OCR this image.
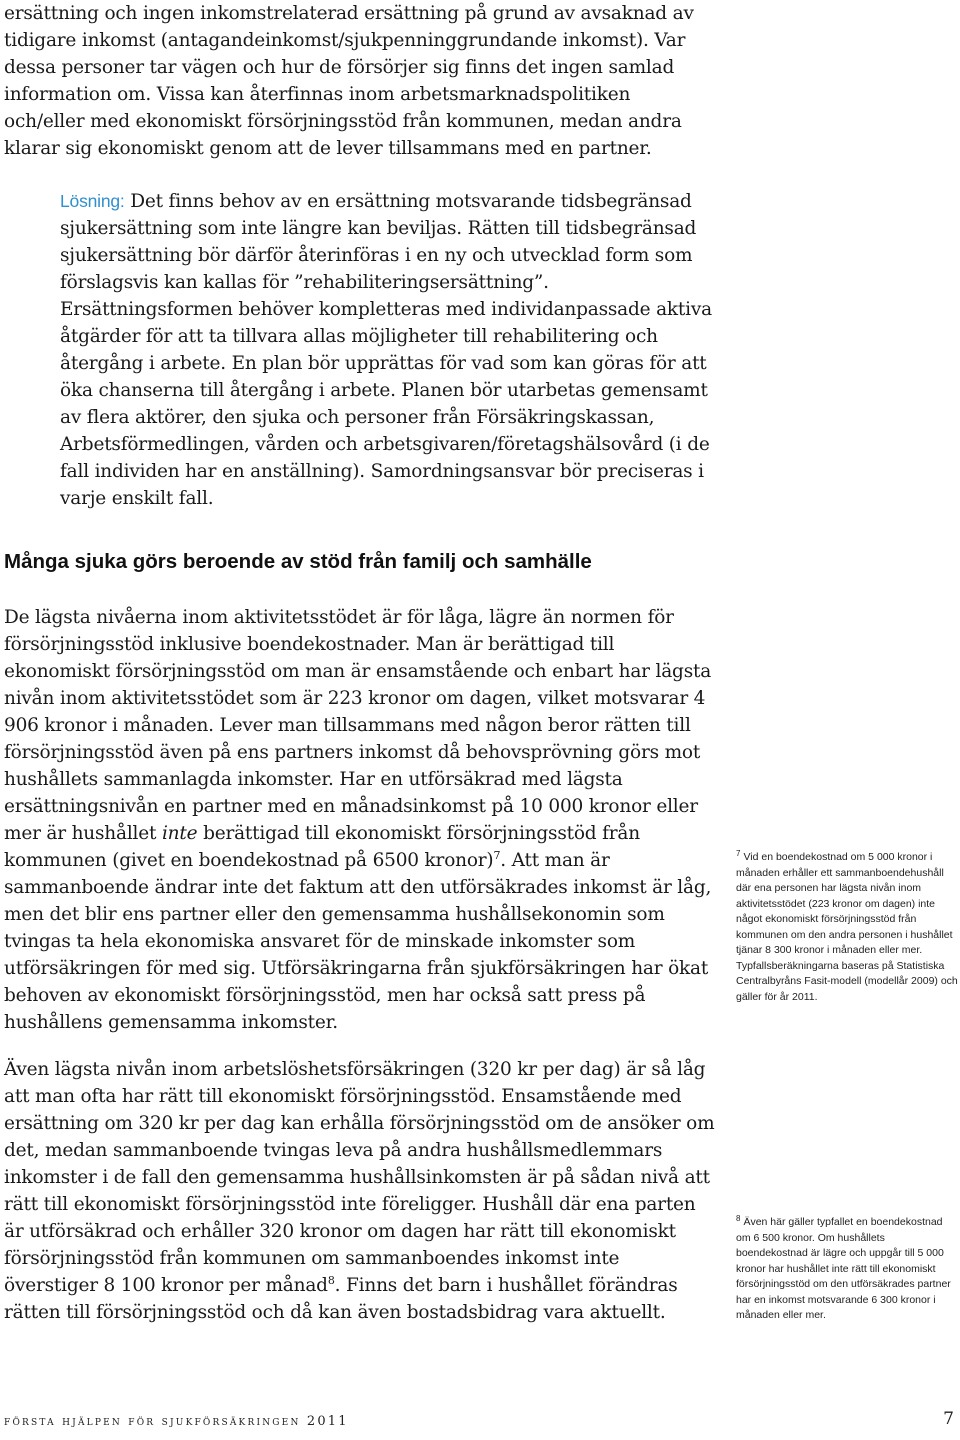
ersättning och ingen inkomstrelaterad ersättning på grund av avsaknad av tidigare inkomst (antagandeinkomst/sjukpenninggrundande inkomst). Var dessa personer tar vägen och hur de försörjer sig finns det ingen samlad information om. Vissa kan återfinnas inom arbetsmarknadspolitiken och/eller med ekonomiskt försörjningsstöd från kommunen, medan andra klarar sig ekonomiskt genom att de lever tillsammans med en partner.

Lösning: Det finns behov av en ersättning motsvarande tidsbegränsad sjukersättning som inte längre kan beviljas. Rätten till tidsbegränsad sjukersättning bör därför återinföras i en ny och utvecklad form som förslagsvis kan kallas för ”rehabiliteringsersättning”. Ersättningsformen behöver kompletteras med individanpassade aktiva åtgärder för att ta tillvara allas möjligheter till rehabilitering och återgång i arbete. En plan bör upprättas för vad som kan göras för att öka chanserna till återgång i arbete. Planen bör utarbetas gemensamt av flera aktörer, den sjuka och personer från Försäkringskassan, Arbetsförmedlingen, vården och arbetsgivaren/företagshälsovård (i de fall individen har en anställning). Samordningsansvar bör preciseras i varje enskilt fall.

Många sjuka görs beroende av stöd från familj och samhälle

De lägsta nivåerna inom aktivitetsstödet är för låga, lägre än normen för försörjningsstöd inklusive boendekostnader. Man är berättigad till ekonomiskt försörjningsstöd om man är ensamstående och enbart har lägsta nivån inom aktivitetsstödet som är 223 kronor om dagen, vilket motsvarar 4 906 kronor i månaden. Lever man tillsammans med någon beror rätten till försörjningsstöd även på ens partners inkomst då behovsprövning görs mot hushållets sammanlagda inkomster. Har en utförsäkrad med lägsta ersättningsnivån en partner med en månadsinkomst på 10 000 kronor eller mer är hushållet inte berättigad till ekonomiskt försörjningsstöd från kommunen (givet en boendekostnad på 6500 kronor)$^7$. Att man är sammanboende ändrar inte det faktum att den utförsäkrades inkomst är låg, men det blir ens partner eller den gemensamma hushållsekonomin som tvingas ta hela ekonomiska ansvaret för de minskade inkomster som utförsäkringen för med sig. Utförsäkringarna från sjukförsäkringen har ökat behoven av ekonomiskt försörjningsstöd, men har också satt press på hushållens gemensamma inkomster.

Även lägsta nivån inom arbetslöshetsförsäkringen (320 kr per dag) är så låg att man ofta har rätt till ekonomiskt försörjningsstöd. Ensamstående med ersättning om 320 kr per dag kan erhålla försörjningsstöd om de ansöker om det, medan sammanboende tvingas leva på andra hushållsmedlemmars inkomster i de fall den gemensamma hushållsinkomsten är på sådan nivå att rätt till ekonomiskt försörjningsstöd inte föreligger. Hushåll där ena parten är utförsäkrad och erhåller 320 kronor om dagen har rätt till ekonomiskt försörjningsstöd från kommunen om sammanboendes inkomst inte överstiger 8 100 kronor per månad$^8$. Finns det barn i hushållet förändras rätten till försörjningsstöd och då kan även bostadsbidrag vara aktuellt.

$^7$ Vid en boendekostnad om 5 000 kronor i månaden erhåller ett sammanboendehushåll där ena personen har lägsta nivån inom aktivitetsstödet (223 kronor om dagen) inte något ekonomiskt försörjningsstöd från kommunen om den andra personen i hushållet tjänar 8 300 kronor i månaden eller mer. Typfallsberäkningarna baseras på Statistiska Centralbyråns Fasit-modell (modellår 2009) och gäller för år 2011.

$^8$ Även här gäller typfallet en boendekostnad om 6 500 kronor. Om hushållets boendekostnad är lägre och uppgår till 5 000 kronor har hushållet inte rätt till ekonomiskt försörjningsstöd om den utförsäkrades partner har en inkomst motsvarande 6 300 kronor i månaden eller mer.

första hjälpen för sjukförsäkringen 2011	7
